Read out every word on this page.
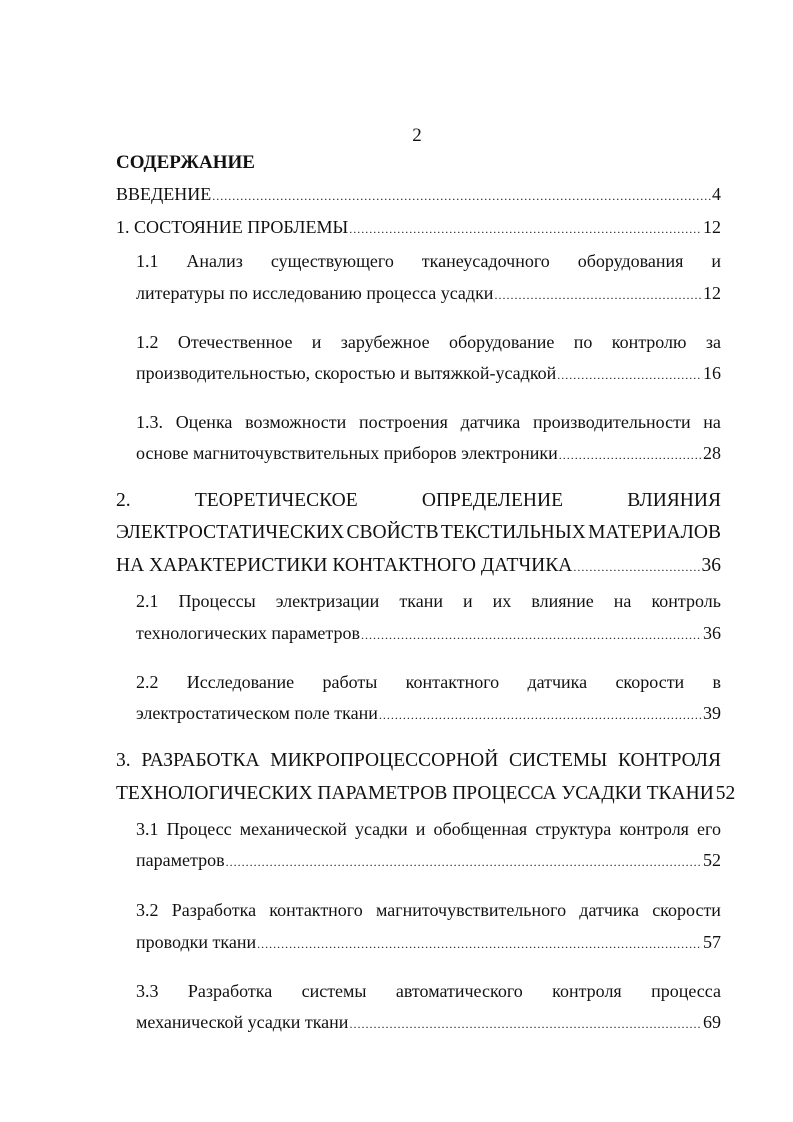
2
СОДЕРЖАНИЕ
ВВЕДЕНИЕ .....	4
1. СОСТОЯНИЕ ПРОБЛЕМЫ .....	12
1.1 Анализ существующего тканеусадочного оборудования и
литературы по исследованию процесса усадки .....	12
1.2 Отечественное и зарубежное оборудование по контролю за
производительностью, скоростью и вытяжкой-усадкой .....	16
1.3. Оценка возможности построения датчика производительности на
основе магниточувствительных приборов электроники .....	28
2.	ТЕОРЕТИЧЕСКОЕ	ОПРЕДЕЛЕНИЕ	ВЛИЯНИЯ
ЭЛЕКТРОСТАТИЧЕСКИХ СВОЙСТВ ТЕКСТИЛЬНЫХ МАТЕРИАЛОВ
НА ХАРАКТЕРИСТИКИ КОНТАКТНОГО ДАТЧИКА .....	36
2.1 Процессы электризации ткани и их влияние на контроль
технологических параметров .....	36
2.2 Исследование работы контактного датчика скорости в
электростатическом поле ткани .....	39
3. РАЗРАБОТКА МИКРОПРОЦЕССОРНОЙ СИСТЕМЫ КОНТРОЛЯ
ТЕХНОЛОГИЧЕСКИХ ПАРАМЕТРОВ ПРОЦЕССА УСАДКИ ТКАНИ 52
3.1 Процесс механической усадки и обобщенная структура контроля его
параметров .....	52
3.2 Разработка контактного магниточувствительного датчика скорости
проводки ткани .....	57
3.3 Разработка системы автоматического контроля процесса
механической усадки ткани .....	69
